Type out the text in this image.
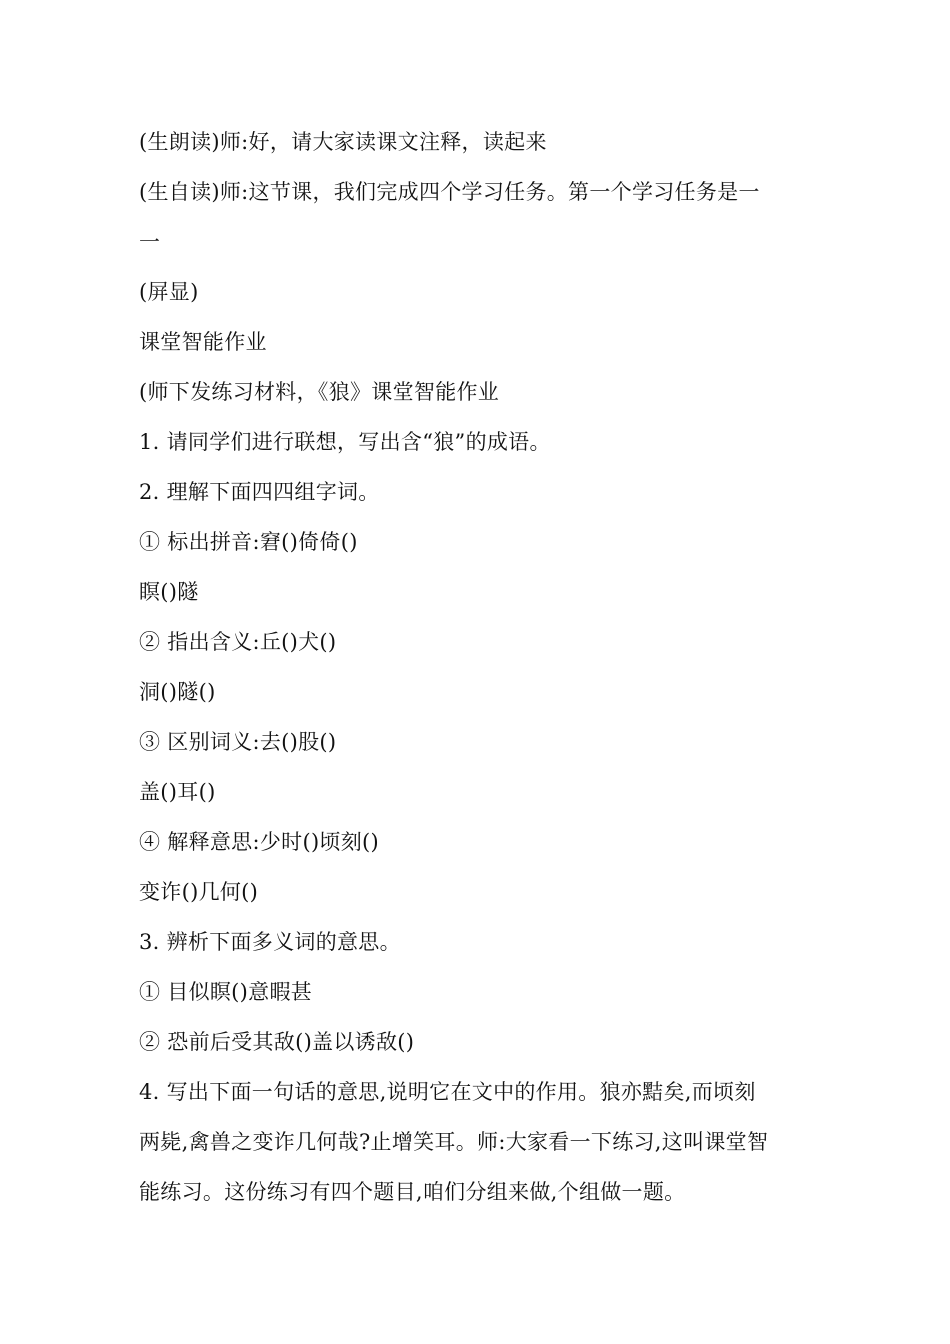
(生朗读)师:好，请大家读课文注释，读起来
(生自读)师:这节课，我们完成四个学习任务。第一个学习任务是一
一
(屏显)
课堂智能作业
(师下发练习材料，《狼》课堂智能作业
1. 请同学们进行联想，写出含“狼”的成语。
2. 理解下面四四组字词。
① 标出拼音:窘()倚倚()
瞑()隧
② 指出含义:丘()犬()
洞()隧()
③ 区别词义:去()股()
盖()耳()
④ 解释意思:少时()顷刻()
变诈()几何()
3. 辨析下面多义词的意思。
① 目似瞑()意暇甚
② 恐前后受其敌()盖以诱敌()
4. 写出下面一句话的意思,说明它在文中的作用。狼亦黠矣,而顷刻
两毙,禽兽之变诈几何哉?止增笑耳。师:大家看一下练习,这叫课堂智
能练习。这份练习有四个题目,咱们分组来做,个组做一题。
